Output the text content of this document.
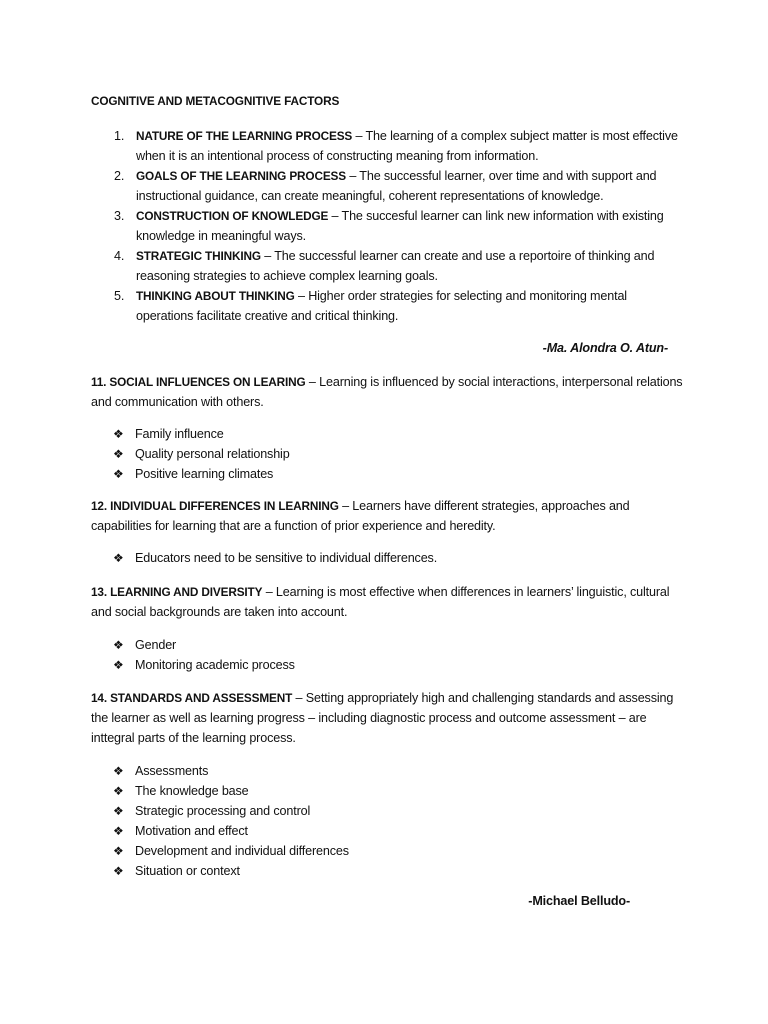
COGNITIVE AND METACOGNITIVE FACTORS
1. NATURE OF THE LEARNING PROCESS – The learning of a complex subject matter is most effective when it is an intentional process of constructing meaning from information.
2. GOALS OF THE LEARNING PROCESS – The successful learner, over time and with support and instructional guidance, can create meaningful, coherent representations of knowledge.
3. CONSTRUCTION OF KNOWLEDGE – The succesful learner can link new information with existing knowledge in meaningful ways.
4. STRATEGIC THINKING – The successful learner can create and use a reportoire of thinking and reasoning strategies to achieve complex learning goals.
5. THINKING ABOUT THINKING – Higher order strategies for selecting and monitoring mental operations facilitate creative and critical thinking.
-Ma. Alondra O. Atun-

11. SOCIAL INFLUENCES ON LEARING – Learning is influenced by social interactions, interpersonal relations and communication with others.

❖ Family influence
❖ Quality personal relationship
❖ Positive learning climates

12. INDIVIDUAL DIFFERENCES IN LEARNING – Learners have different strategies, approaches and capabilities for learning that are a function of prior experience and heredity.

❖ Educators need to be sensitive to individual differences.

13. LEARNING AND DIVERSITY – Learning is most effective when differences in learners’ linguistic, cultural and social backgrounds are taken into account.

❖ Gender
❖ Monitoring academic process

14. STANDARDS AND ASSESSMENT – Setting appropriately high and challenging standards and assessing the learner as well as learning progress – including diagnostic process and outcome assessment – are inttegral parts of the learning process.

❖ Assessments
❖ The knowledge base
❖ Strategic processing and control
❖ Motivation and effect
❖ Development and individual differences
❖ Situation or context
-Michael Belludo-
